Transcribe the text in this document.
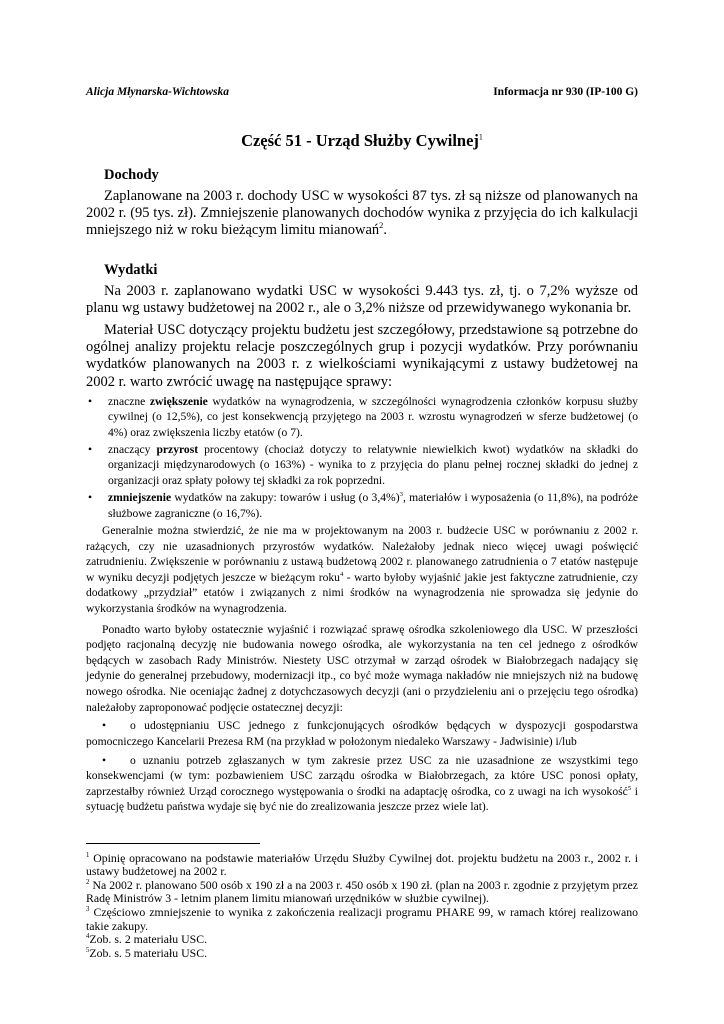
Alicja Młynarska-Wichtowska	Informacja nr 930 (IP-100 G)
Część 51 - Urząd Służby Cywilnej$^1$
Dochody

Zaplanowane na 2003 r. dochody USC w wysokości 87 tys. zł są niższe od planowanych na 2002 r. (95 tys. zł). Zmniejszenie planowanych dochodów wynika z przyjęcia do ich kalkulacji mniejszego niż w roku bieżącym limitu mianowań$^2$.

Wydatki

Na 2003 r. zaplanowano wydatki USC w wysokości 9.443 tys. zł, tj. o 7,2% wyższe od planu wg ustawy budżetowej na 2002 r., ale o 3,2% niższe od przewidywanego wykonania br.

Materiał USC dotyczący projektu budżetu jest szczegółowy, przedstawione są potrzebne do ogólnej analizy projektu relacje poszczególnych grup i pozycji wydatków. Przy porównaniu wydatków planowanych na 2003 r. z wielkościami wynikającymi z ustawy budżetowej na 2002 r. warto zwrócić uwagę na następujące sprawy:

• znaczne zwiększenie wydatków na wynagrodzenia, w szczególności wynagrodzenia członków korpusu służby cywilnej (o 12,5%), co jest konsekwencją przyjętego na 2003 r. wzrostu wynagrodzeń w sferze budżetowej (o 4%) oraz zwiększenia liczby etatów (o 7).
• znaczący przyrost procentowy (chociaż dotyczy to relatywnie niewielkich kwot) wydatków na składki do organizacji międzynarodowych (o 163%) - wynika to z przyjęcia do planu pełnej rocznej składki do jednej z organizacji oraz spłaty połowy tej składki za rok poprzedni.
• zmniejszenie wydatków na zakupy: towarów i usług (o 3,4%)$^3$, materiałów i wyposażenia (o 11,8%), na podróże służbowe zagraniczne (o 16,7%).

Generalnie można stwierdzić, że nie ma w projektowanym na 2003 r. budżecie USC w porównaniu z 2002 r. rażących, czy nie uzasadnionych przyrostów wydatków. Należałoby jednak nieco więcej uwagi poświęcić zatrudnieniu. Zwiększenie w porównaniu z ustawą budżetową 2002 r. planowanego zatrudnienia o 7 etatów następuje w wyniku decyzji podjętych jeszcze w bieżącym roku$^4$ - warto byłoby wyjaśnić jakie jest faktyczne zatrudnienie, czy dodatkowy „przydział” etatów i związanych z nimi środków na wynagrodzenia nie sprowadza się jedynie do wykorzystania środków na wynagrodzenia.

Ponadto warto byłoby ostatecznie wyjaśnić i rozwiązać sprawę ośrodka szkoleniowego dla USC. W przeszłości podjęto racjonalną decyzję nie budowania nowego ośrodka, ale wykorzystania na ten cel jednego z ośrodków będących w zasobach Rady Ministrów. Niestety USC otrzymał w zarząd ośrodek w Białobrzegach nadający się jedynie do generalnej przebudowy, modernizacji itp., co być może wymaga nakładów nie mniejszych niż na budowę nowego ośrodka. Nie oceniając żadnej z dotychczasowych decyzji (ani o przydzieleniu ani o przejęciu tego ośrodka) należałoby zaproponować podjęcie ostatecznej decyzji:

• o udostępnianiu USC jednego z funkcjonujących ośrodków będących w dyspozycji gospodarstwa pomocniczego Kancelarii Prezesa RM (na przykład w położonym niedaleko Warszawy - Jadwisinie) i/lub
• o uznaniu potrzeb zgłaszanych w tym zakresie przez USC za nie uzasadnione ze wszystkimi tego konsekwencjami (w tym: pozbawieniem USC zarządu ośrodka w Białobrzegach, za które USC ponosi opłaty, zaprzestałby również Urząd corocznego występowania o środki na adaptację ośrodka, co z uwagi na ich wysokość$^5$ i sytuację budżetu państwa wydaje się być nie do zrealizowania jeszcze przez wiele lat).

$^1$ Opinię opracowano na podstawie materiałów Urzędu Służby Cywilnej dot. projektu budżetu na 2003 r., 2002 r. i ustawy budżetowej na 2002 r.

$^2$ Na 2002 r. planowano 500 osób x 190 zł a na 2003 r. 450 osób x 190 zł. (plan na 2003 r. zgodnie z przyjętym przez Radę Ministrów 3 - letnim planem limitu mianowań urzędników w służbie cywilnej).

$^3$ Częściowo zmniejszenie to wynika z zakończenia realizacji programu PHARE 99, w ramach której realizowano takie zakupy.

$^4$Zob. s. 2 materiału USC.

$^5$Zob. s. 5 materiału USC.
